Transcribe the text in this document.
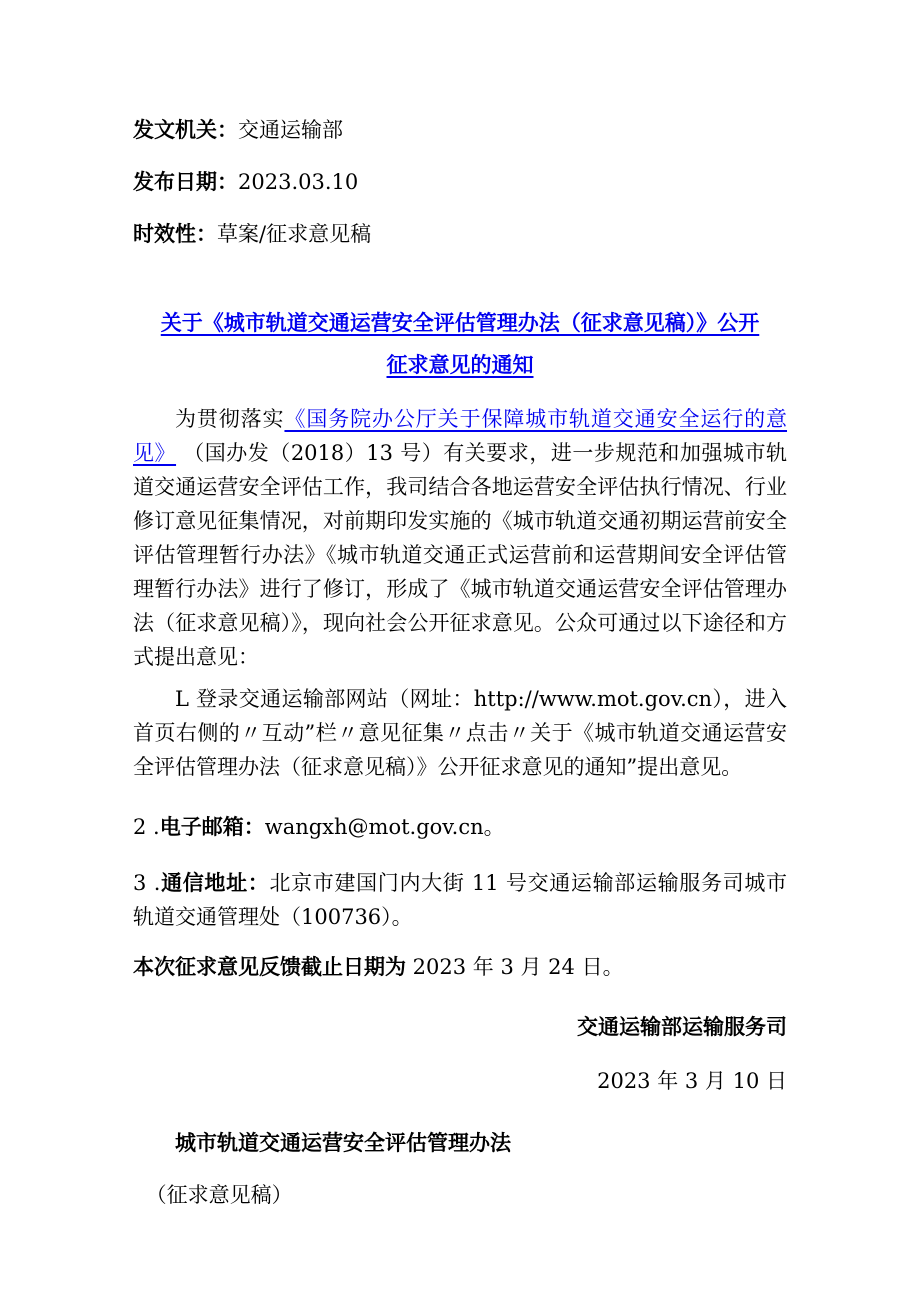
发文机关：交通运输部

发布日期：2023.03.10

时效性：草案/征求意见稿

关于《城市轨道交通运营安全评估管理办法（征求意见稿）》公开
征求意见的通知

为贯彻落实《国务院办公厅关于保障城市轨道交通安全运行的意见》 （国办发（2018）13 号）有关要求，进一步规范和加强城市轨道交通运营安全评估工作，我司结合各地运营安全评估执行情况、行业修订意见征集情况，对前期印发实施的《城市轨道交通初期运营前安全评估管理暂行办法》《城市轨道交通正式运营前和运营期间安全评估管理暂行办法》进行了修订，形成了《城市轨道交通运营安全评估管理办法（征求意见稿）》，现向社会公开征求意见。公众可通过以下途径和方式提出意见：

L 登录交通运输部网站（网址：http://www.mot.gov.cn），进入首页右侧的〃互动”栏〃意见征集〃点击〃关于《城市轨道交通运营安全评估管理办法（征求意见稿）》公开征求意见的通知”提出意见。

2 .电子邮箱：wangxh@mot.gov.cn。

3 .通信地址：北京市建国门内大街 11 号交通运输部运输服务司城市轨道交通管理处（100736）。

本次征求意见反馈截止日期为 2023 年 3 月 24 日。

交通运输部运输服务司

2023 年 3 月 10 日

城市轨道交通运营安全评估管理办法

（征求意见稿）
